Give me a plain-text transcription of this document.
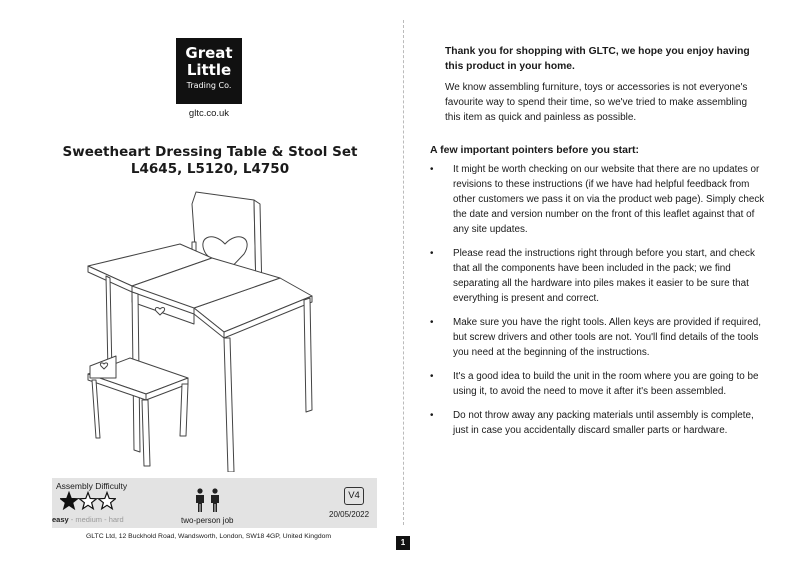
Great
Little
Trading Co.
gltc.co.uk
Sweetheart Dressing Table & Stool Set
L4645, L5120, L4750
Assembly Difficulty
easy - medium - hard	two-person job
V4
20/05/2022
GLTC Ltd, 12 Buckhold Road, Wandsworth, London, SW18 4GP, United Kingdom
1
Thank you for shopping with GLTC, we hope you enjoy having this product in your home.
We know assembling furniture, toys or accessories is not everyone's favourite way to spend their time, so we've tried to make assembling this item as quick and painless as possible.
A few important pointers before you start:
• It might be worth checking on our website that there are no updates or revisions to these instructions (if we have had helpful feedback from other customers we pass it on via the product web page). Simply check the date and version number on the front of this leaflet against that of any site updates.
• Please read the instructions right through before you start, and check that all the components have been included in the pack; we find separating all the hardware into piles makes it easier to be sure that everything is present and correct.
• Make sure you have the right tools. Allen keys are provided if required, but screw drivers and other tools are not. You'll find details of the tools you need at the beginning of the instructions.
• It's a good idea to build the unit in the room where you are going to be using it, to avoid the need to move it after it's been assembled.
• Do not throw away any packing materials until assembly is complete, just in case you accidentally discard smaller parts or hardware.
